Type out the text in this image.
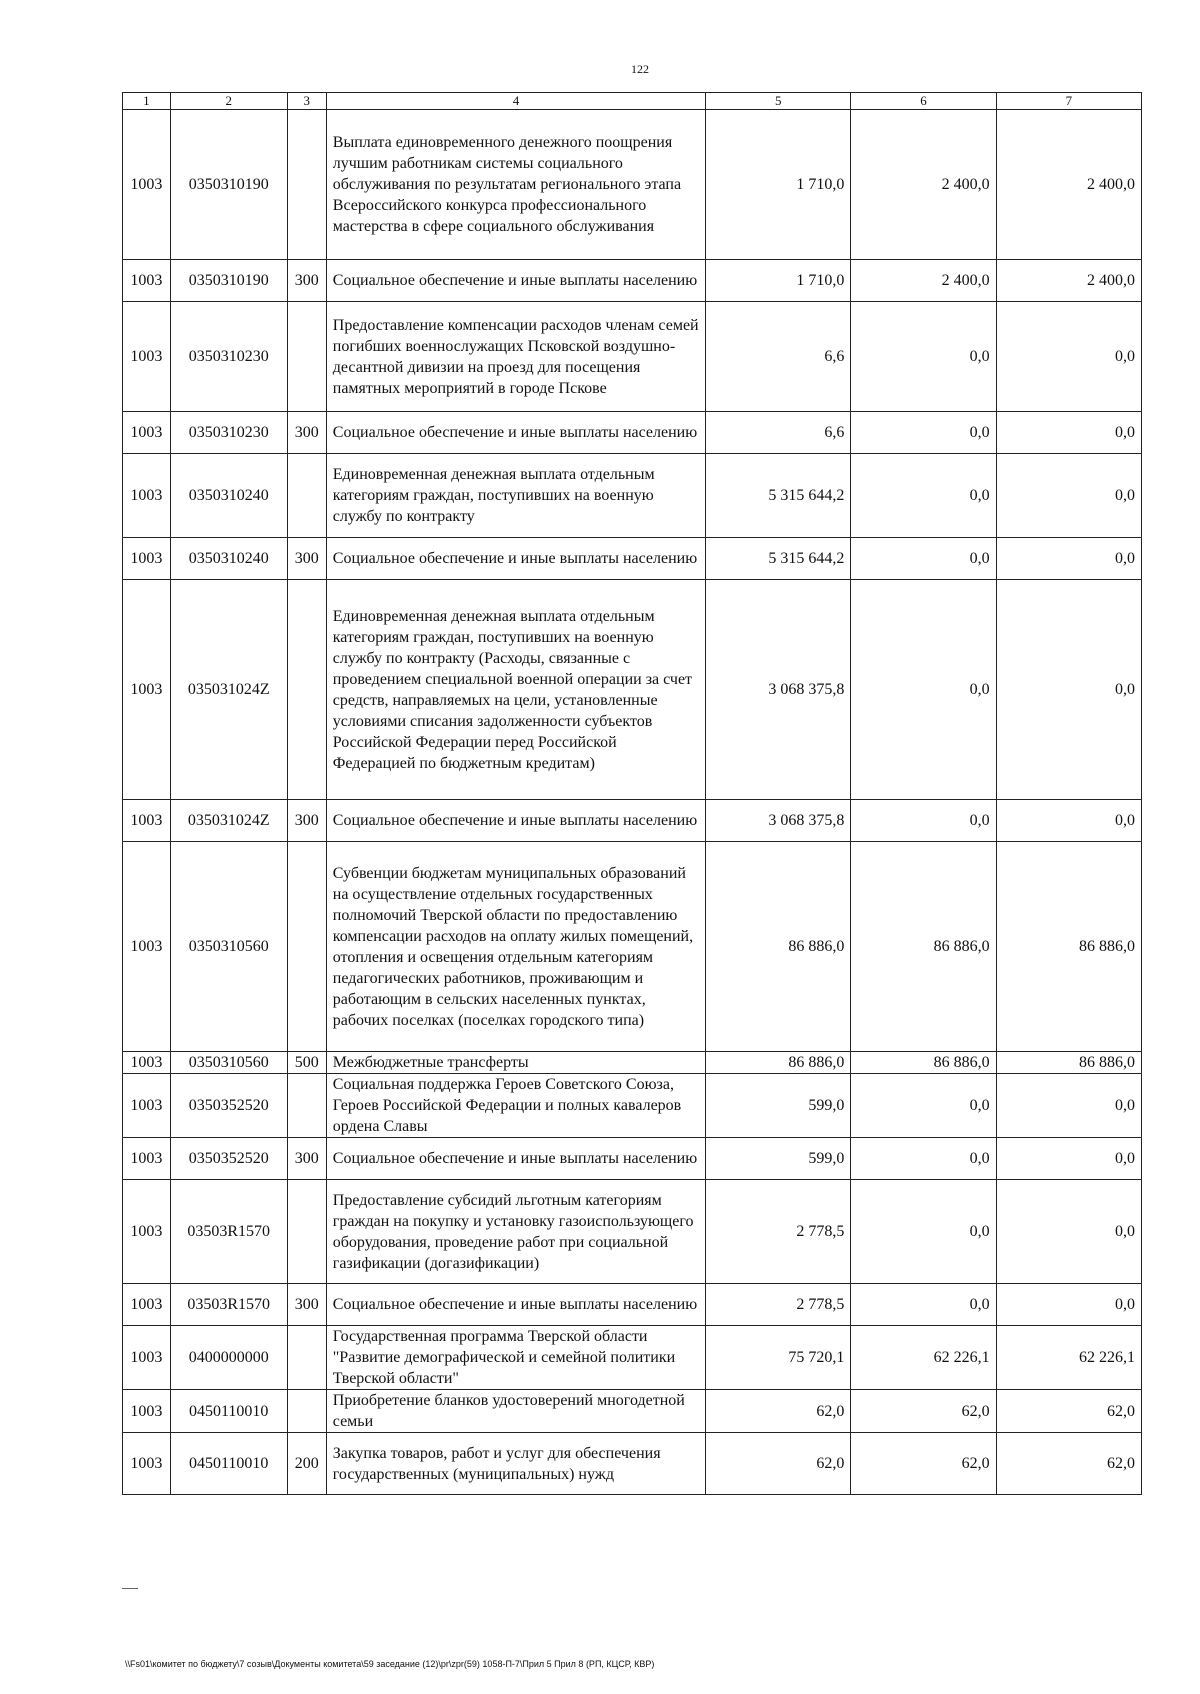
122
1	2	3	4	5	6	7
1003	0350310190		Выплата единовременного денежного поощрения лучшим работникам системы социального обслуживания по результатам регионального этапа Всероссийского конкурса профессионального мастерства в сфере социального обслуживания	1 710,0	2 400,0	2 400,0
1003	0350310190	300	Социальное обеспечение и иные выплаты населению	1 710,0	2 400,0	2 400,0
1003	0350310230		Предоставление компенсации расходов членам семей погибших военнослужащих Псковской воздушно-десантной дивизии на проезд для посещения памятных мероприятий в городе Пскове	6,6	0,0	0,0
1003	0350310230	300	Социальное обеспечение и иные выплаты населению	6,6	0,0	0,0
1003	0350310240		Единовременная денежная выплата отдельным категориям граждан, поступивших на военную службу по контракту	5 315 644,2	0,0	0,0
1003	0350310240	300	Социальное обеспечение и иные выплаты населению	5 315 644,2	0,0	0,0
1003	035031024Z		Единовременная денежная выплата отдельным категориям граждан, поступивших на военную службу по контракту (Расходы, связанные с проведением специальной военной операции за счет средств, направляемых на цели, установленные условиями списания задолженности субъектов Российской Федерации перед Российской Федерацией по бюджетным кредитам)	3 068 375,8	0,0	0,0
1003	035031024Z	300	Социальное обеспечение и иные выплаты населению	3 068 375,8	0,0	0,0
1003	0350310560		Субвенции бюджетам муниципальных образований на осуществление отдельных государственных полномочий Тверской области по предоставлению компенсации расходов на оплату жилых помещений, отопления и освещения отдельным категориям педагогических работников, проживающим и работающим в сельских населенных пунктах, рабочих поселках (поселках городского типа)	86 886,0	86 886,0	86 886,0
1003	0350310560	500	Межбюджетные трансферты	86 886,0	86 886,0	86 886,0
1003	0350352520		Социальная поддержка Героев Советского Союза, Героев Российской Федерации и полных кавалеров ордена Славы	599,0	0,0	0,0
1003	0350352520	300	Социальное обеспечение и иные выплаты населению	599,0	0,0	0,0
1003	03503R1570		Предоставление субсидий льготным категориям граждан на покупку и установку газоиспользующего оборудования, проведение работ при социальной газификации (догазификации)	2 778,5	0,0	0,0
1003	03503R1570	300	Социальное обеспечение и иные выплаты населению	2 778,5	0,0	0,0
1003	0400000000		Государственная программа Тверской области "Развитие демографической и семейной политики Тверской области"	75 720,1	62 226,1	62 226,1
1003	0450110010		Приобретение бланков удостоверений многодетной семьи	62,0	62,0	62,0
1003	0450110010	200	Закупка товаров, работ и услуг для обеспечения государственных (муниципальных) нужд	62,0	62,0	62,0
\\Fs01\комитет по бюджету\7 созыв\Документы комитета\59 заседание (12)\pr\zpr(59) 1058-П-7\Прил 5 Прил 8 (РП, КЦСР, КВР)
